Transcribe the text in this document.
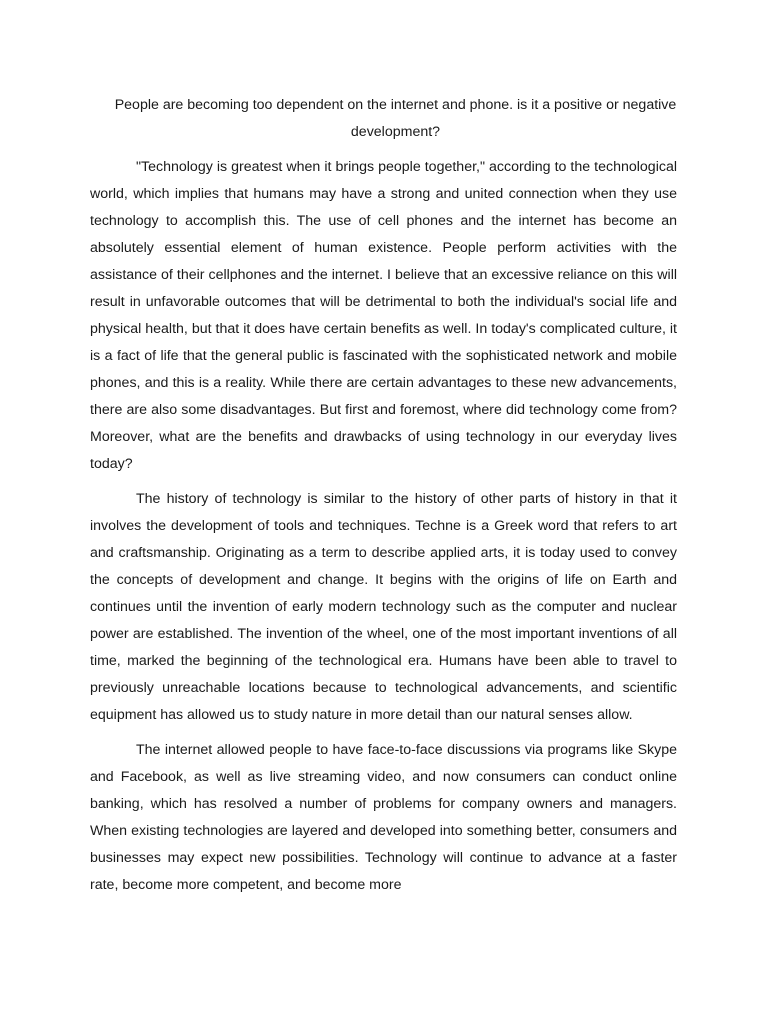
People are becoming too dependent on the internet and phone. is it a positive or negative development?

"Technology is greatest when it brings people together," according to the technological world, which implies that humans may have a strong and united connection when they use technology to accomplish this. The use of cell phones and the internet has become an absolutely essential element of human existence. People perform activities with the assistance of their cellphones and the internet. I believe that an excessive reliance on this will result in unfavorable outcomes that will be detrimental to both the individual's social life and physical health, but that it does have certain benefits as well. In today's complicated culture, it is a fact of life that the general public is fascinated with the sophisticated network and mobile phones, and this is a reality. While there are certain advantages to these new advancements, there are also some disadvantages. But first and foremost, where did technology come from? Moreover, what are the benefits and drawbacks of using technology in our everyday lives today?

The history of technology is similar to the history of other parts of history in that it involves the development of tools and techniques. Techne is a Greek word that refers to art and craftsmanship. Originating as a term to describe applied arts, it is today used to convey the concepts of development and change. It begins with the origins of life on Earth and continues until the invention of early modern technology such as the computer and nuclear power are established. The invention of the wheel, one of the most important inventions of all time, marked the beginning of the technological era. Humans have been able to travel to previously unreachable locations because to technological advancements, and scientific equipment has allowed us to study nature in more detail than our natural senses allow.

The internet allowed people to have face-to-face discussions via programs like Skype and Facebook, as well as live streaming video, and now consumers can conduct online banking, which has resolved a number of problems for company owners and managers. When existing technologies are layered and developed into something better, consumers and businesses may expect new possibilities. Technology will continue to advance at a faster rate, become more competent, and become more
